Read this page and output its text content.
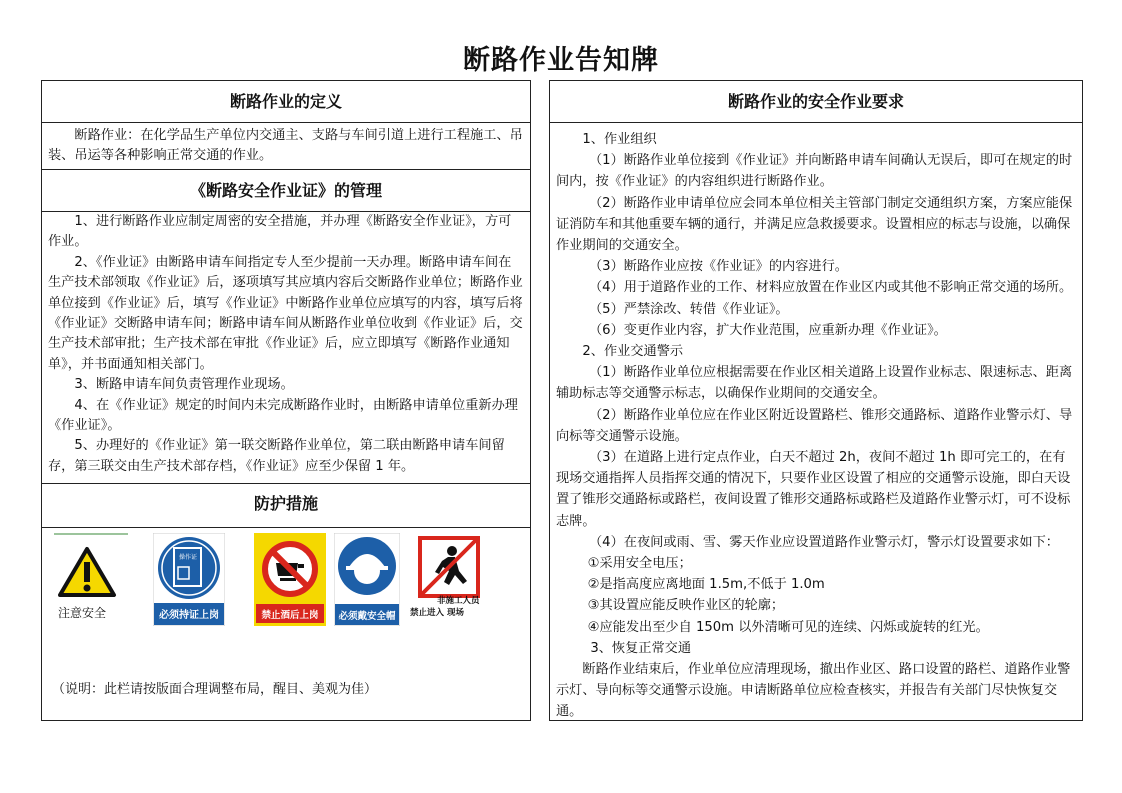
断路作业告知牌
断路作业的定义

断路作业：在化学品生产单位内交通主、支路与车间引道上进行工程施工、吊装、吊运等各种影响正常交通的作业。

《断路安全作业证》的管理

1、进行断路作业应制定周密的安全措施，并办理《断路安全作业证》，方可作业。

2、《作业证》由断路申请车间指定专人至少提前一天办理。断路申请车间在生产技术部领取《作业证》后，逐项填写其应填内容后交断路作业单位；断路作业单位接到《作业证》后，填写《作业证》中断路作业单位应填写的内容，填写后将《作业证》交断路申请车间；断路申请车间从断路作业单位收到《作业证》后，交生产技术部审批；生产技术部在审批《作业证》后，应立即填写《断路作业通知单》，并书面通知相关部门。

3、断路申请车间负责管理作业现场。

4、在《作业证》规定的时间内未完成断路作业时，由断路申请单位重新办理《作业证》。

5、办理好的《作业证》第一联交断路作业单位，第二联由断路申请车间留存，第三联交由生产技术部存档，《作业证》应至少保留 1 年。

防护措施
注意安全
操作证
必须持证上岗	禁止酒后上岗	必须戴安全帽
非施工人员
禁止进入 现场
（说明：此栏请按版面合理调整布局，醒目、美观为佳）
断路作业的安全作业要求

1、作业组织

（1）断路作业单位接到《作业证》并向断路申请车间确认无误后，即可在规定的时间内，按《作业证》的内容组织进行断路作业。

（2）断路作业申请单位应会同本单位相关主管部门制定交通组织方案，方案应能保证消防车和其他重要车辆的通行，并满足应急救援要求。设置相应的标志与设施，以确保作业期间的交通安全。

（3）断路作业应按《作业证》的内容进行。

（4）用于道路作业的工作、材料应放置在作业区内或其他不影响正常交通的场所。

（5）严禁涂改、转借《作业证》。

（6）变更作业内容，扩大作业范围，应重新办理《作业证》。

2、作业交通警示

（1）断路作业单位应根据需要在作业区相关道路上设置作业标志、限速标志、距离辅助标志等交通警示标志，以确保作业期间的交通安全。

（2）断路作业单位应在作业区附近设置路栏、锥形交通路标、道路作业警示灯、导向标等交通警示设施。

（3）在道路上进行定点作业，白天不超过 2h，夜间不超过 1h 即可完工的，在有现场交通指挥人员指挥交通的情况下，只要作业区设置了相应的交通警示设施，即白天设置了锥形交通路标或路栏，夜间设置了锥形交通路标或路栏及道路作业警示灯，可不设标志牌。

（4）在夜间或雨、雪、雾天作业应设置道路作业警示灯，警示灯设置要求如下：

①采用安全电压；

②是指高度应离地面 1.5m,不低于 1.0m

③其设置应能反映作业区的轮廓；

④应能发出至少自 150m 以外清晰可见的连续、闪烁或旋转的红光。

3、恢复正常交通

断路作业结束后，作业单位应清理现场，撤出作业区、路口设置的路栏、道路作业警示灯、导向标等交通警示设施。申请断路单位应检查核实，并报告有关部门尽快恢复交通。
